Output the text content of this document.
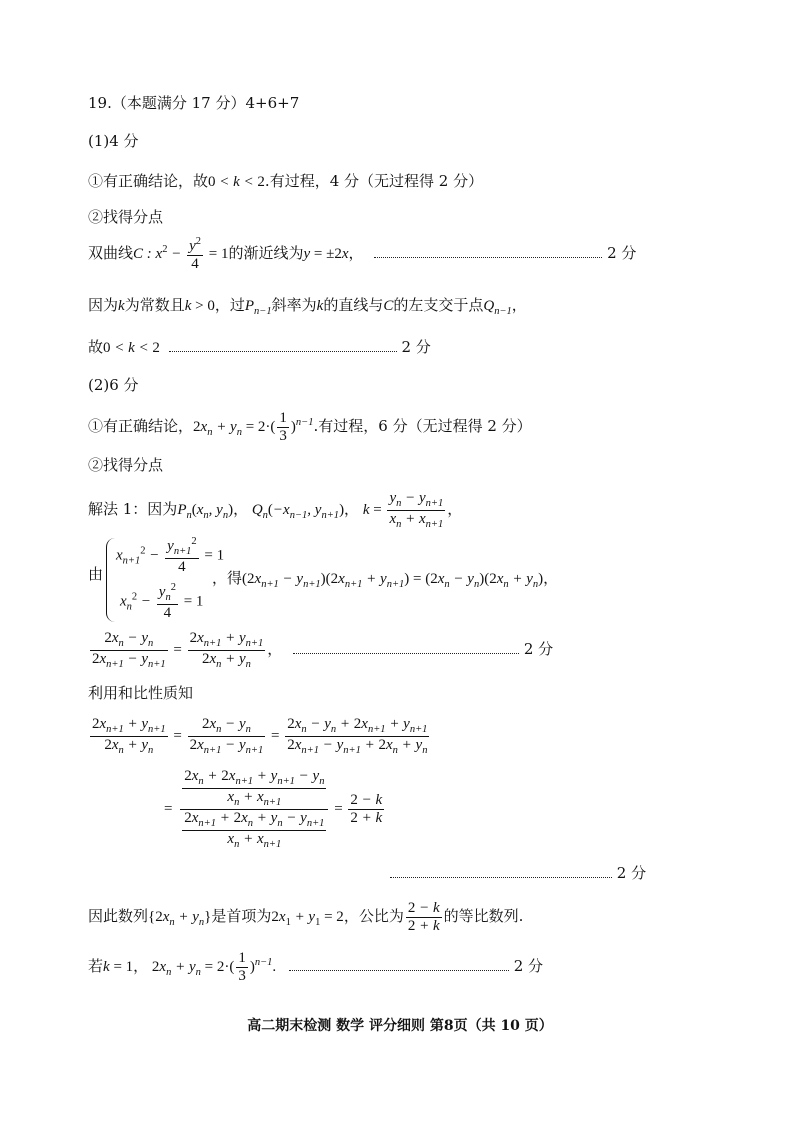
19.（本题满分 17 分）4+6+7
(1)4 分
①有正确结论，故0 < k < 2.有过程，4 分（无过程得 2 分）
②找得分点
双曲线C : $x^2 - \frac{y^2}{4} = 1$的渐近线为y = ±2x，	2 分
因为k为常数且k > 0，过$P_{n-1}$斜率为k的直线与C的左支交于点$Q_{n-1}$，
故0 < k < 2	2 分
(2)6 分
①有正确结论，$2x_n + y_n = 2\cdot( \frac{1}{3} )^{n-1}$.有过程，6 分（无过程得 2 分）
②找得分点
解法 1：因为$P_n(x_n$, $y_n$)， $Q_n(-x_{n-1}$, $y_{n+1}$)， $k = \frac{y_n - y_{n+1}}{x_n + x_{n+1}}$ ，
由
$x_{n+1}^2 - \frac{y_{n+1}^2}{4} = 1$
$x_n^2 - \frac{y_n^2}{4} = 1$
，得$(2x_{n+1} - y_{n+1})(2x_{n+1} + y_{n+1}) = (2x_n - y_n)(2x_n + y_n)$，
$\frac{2x_n - y_n}{2x_{n+1} - y_{n+1}} = \frac{2x_{n+1} + y_{n+1}}{2x_n + y_n}$ ，	2 分
利用和比性质知
$\frac{2x_{n+1} + y_{n+1}}{2x_n + y_n} = \frac{2x_n - y_n}{2x_{n+1} - y_{n+1}} = \frac{2x_n - y_n + 2x_{n+1} + y_{n+1}}{2x_{n+1} - y_{n+1} + 2x_n + y_n}$
= $\frac{\frac{2x_n + 2x_{n+1} + y_{n+1} - y_n}{x_n + x_{n+1}}}{\frac{2x_{n+1} + 2x_n + y_n - y_{n+1}}{x_n + x_{n+1}}} = \frac{2 - k}{2 + k}$
2 分
因此数列$\{2x_n + y_n\}$是首项为$2x_1 + y_1 = 2$，公比为 $\frac{2 - k}{2 + k}$ 的等比数列.
若k = 1， $2x_n + y_n = 2\cdot( \frac{1}{3} )^{n-1}$.	2 分
高二期末检测 数学 评分细则 第8页（共 10 页）
